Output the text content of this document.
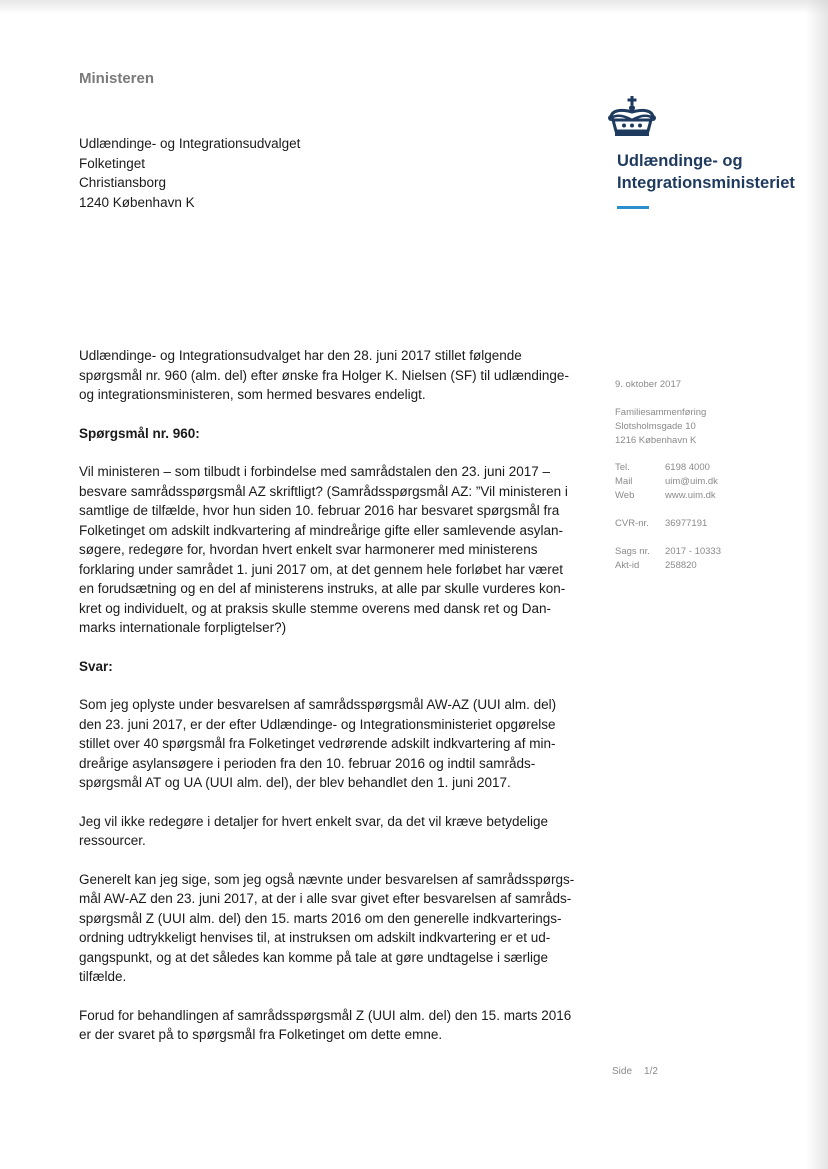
Ministeren
Udlændinge- og Integrationsudvalget
Folketinget
Christiansborg
1240 København K
Udlændinge- og
Integrationsministeriet
9. oktober 2017
Familiesammenføring
Slotsholmsgade 10
1216 København K
Tel.	6198 4000
Mail	uim@uim.dk
Web	www.uim.dk
CVR-nr.	36977191
Sags nr.	2017 - 10333
Akt-id	258820

Udlændinge- og Integrationsudvalget har den 28. juni 2017 stillet følgende
spørgsmål nr. 960 (alm. del) efter ønske fra Holger K. Nielsen (SF) til udlændinge-
og integrationsministeren, som hermed besvares endeligt.

Spørgsmål nr. 960:

Vil ministeren – som tilbudt i forbindelse med samrådstalen den 23. juni 2017 –
besvare samrådsspørgsmål AZ skriftligt? (Samrådsspørgsmål AZ: ”Vil ministeren i
samtlige de tilfælde, hvor hun siden 10. februar 2016 har besvaret spørgsmål fra
Folketinget om adskilt indkvartering af mindreårige gifte eller samlevende asylan-
søgere, redegøre for, hvordan hvert enkelt svar harmonerer med ministerens
forklaring under samrådet 1. juni 2017 om, at det gennem hele forløbet har været
en forudsætning og en del af ministerens instruks, at alle par skulle vurderes kon-
kret og individuelt, og at praksis skulle stemme overens med dansk ret og Dan-
marks internationale forpligtelser?)

Svar:

Som jeg oplyste under besvarelsen af samrådsspørgsmål AW-AZ (UUI alm. del)
den 23. juni 2017, er der efter Udlændinge- og Integrationsministeriet opgørelse
stillet over 40 spørgsmål fra Folketinget vedrørende adskilt indkvartering af min-
dreårige asylansøgere i perioden fra den 10. februar 2016 og indtil samråds-
spørgsmål AT og UA (UUI alm. del), der blev behandlet den 1. juni 2017.

Jeg vil ikke redegøre i detaljer for hvert enkelt svar, da det vil kræve betydelige
ressourcer.

Generelt kan jeg sige, som jeg også nævnte under besvarelsen af samrådsspørgs-
mål AW-AZ den 23. juni 2017, at der i alle svar givet efter besvarelsen af samråds-
spørgsmål Z (UUI alm. del) den 15. marts 2016 om den generelle indkvarterings-
ordning udtrykkeligt henvises til, at instruksen om adskilt indkvartering er et ud-
gangspunkt, og at det således kan komme på tale at gøre undtagelse i særlige
tilfælde.

Forud for behandlingen af samrådsspørgsmål Z (UUI alm. del) den 15. marts 2016
er der svaret på to spørgsmål fra Folketinget om dette emne.

Side 1/2
